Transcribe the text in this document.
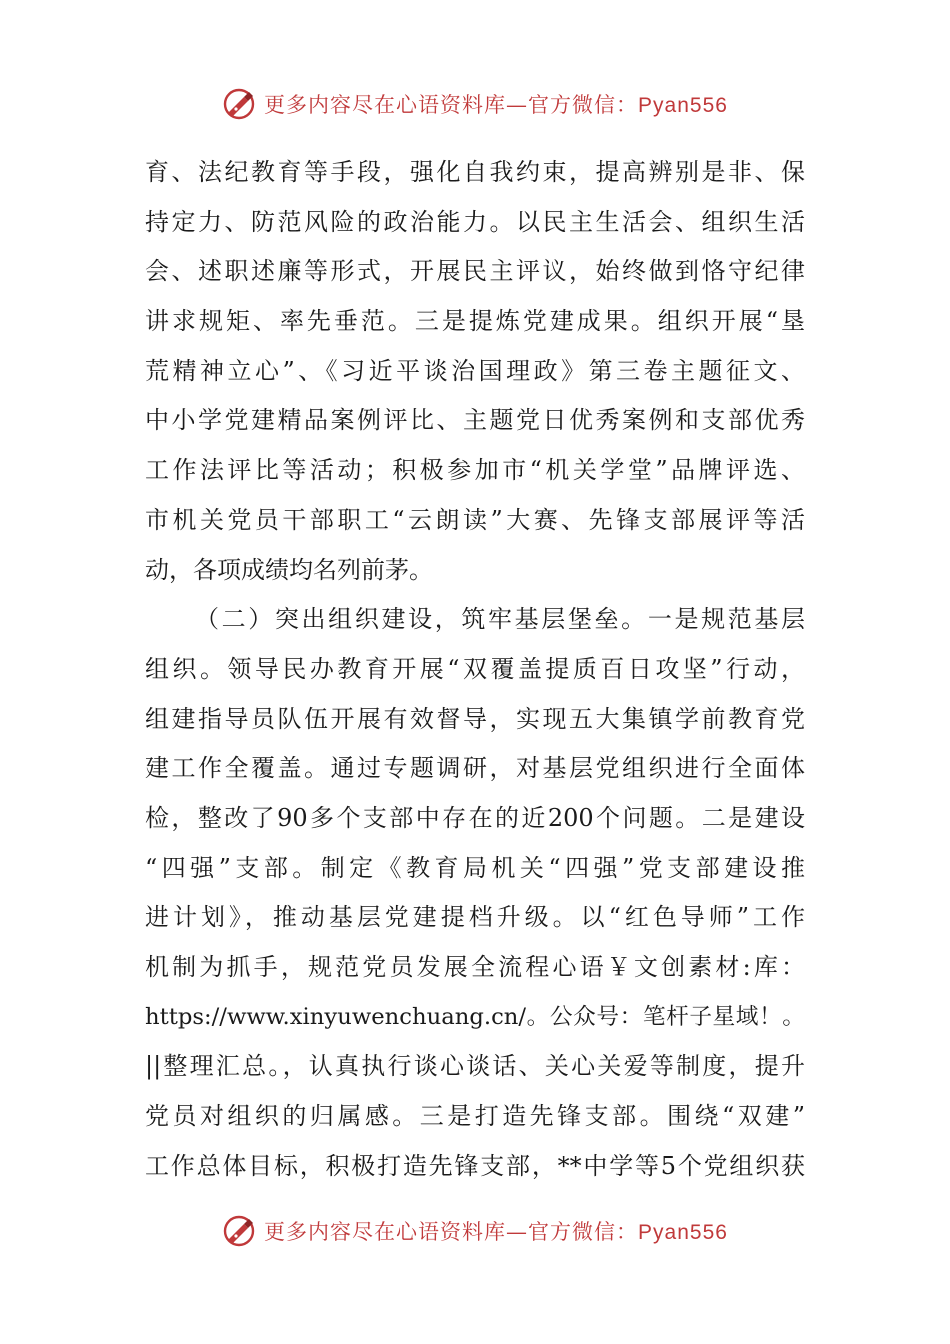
更多内容尽在心语资料库—官方微信：Pyan556
育、法纪教育等手段，强化自我约束，提高辨别是非、保
持定力、防范风险的政治能力。以民主生活会、组织生活
会、述职述廉等形式，开展民主评议，始终做到恪守纪律
讲求规矩、率先垂范。三是提炼党建成果。组织开展“垦
荒精神立心”、《习近平谈治国理政》第三卷主题征文、
中小学党建精品案例评比、主题党日优秀案例和支部优秀
工作法评比等活动；积极参加市“机关学堂”品牌评选、
市机关党员干部职工“云朗读”大赛、先锋支部展评等活
动，各项成绩均名列前茅。
（二）突出组织建设，筑牢基层堡垒。一是规范基层
组织。领导民办教育开展“双覆盖提质百日攻坚”行动，
组建指导员队伍开展有效督导，实现五大集镇学前教育党
建工作全覆盖。通过专题调研，对基层党组织进行全面体
检，整改了90多个支部中存在的近200个问题。二是建设
“四强”支部。制定《教育局机关“四强”党支部建设推
进计划》，推动基层党建提档升级。以“红色导师”工作
机制为抓手，规范党员发展全流程心语￥文创素材:库：
https://www.xinyuwenchuang.cn/。公众号：笔杆子星域！。
||整理汇总。，认真执行谈心谈话、关心关爱等制度，提升
党员对组织的归属感。三是打造先锋支部。围绕“双建”
工作总体目标，积极打造先锋支部，**中学等5个党组织获
更多内容尽在心语资料库—官方微信：Pyan556
